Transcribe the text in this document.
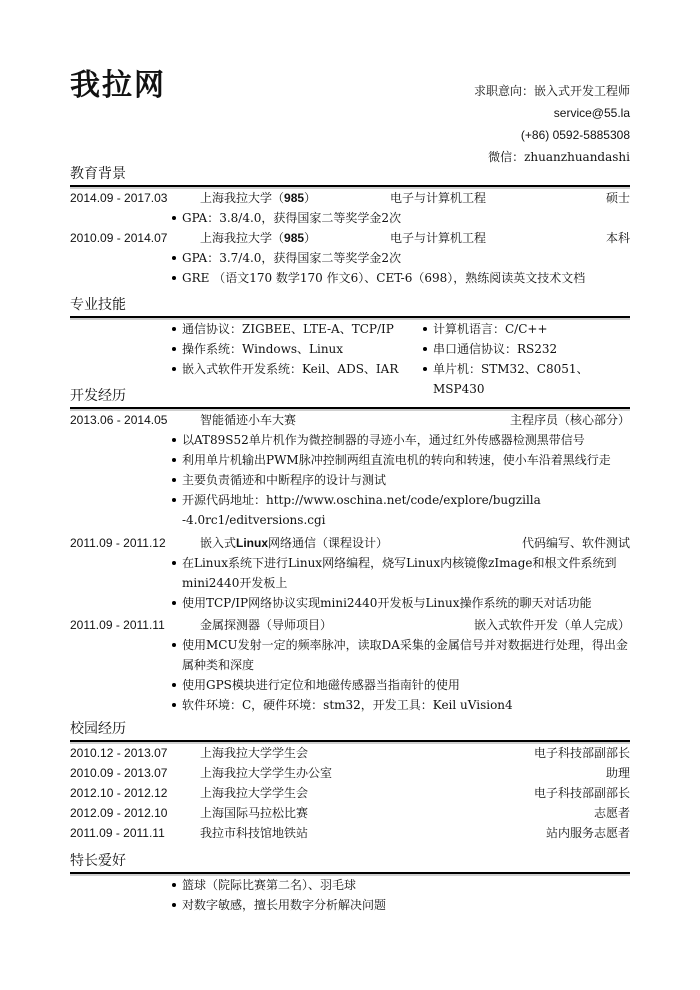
我拉网	求职意向：嵌入式开发工程师
service@55.la
(+86) 0592-5885308
微信：zhuanzhuandashi
教育背景
2014.09 - 2017.03	上海我拉大学（985）	电子与计算机工程	硕士
GPA：3.8/4.0，获得国家二等奖学金2次
2010.09 - 2014.07	上海我拉大学（985）	电子与计算机工程	本科
GPA：3.7/4.0，获得国家二等奖学金2次
GRE （语文170 数学170 作文6）、CET-6（698），熟练阅读英文技术文档
专业技能
通信协议：ZIGBEE、LTE-A、TCP/IP
操作系统：Windows、Linux
嵌入式软件开发系统：Keil、ADS、IAR
计算机语言：C/C++
串口通信协议：RS232
单片机：STM32、C8051、MSP430
开发经历
2013.06 - 2014.05	智能循迹小车大赛	主程序员（核心部分）
以AT89S52单片机作为微控制器的寻迹小车，通过红外传感器检测黑带信号
利用单片机输出PWM脉冲控制两组直流电机的转向和转速，使小车沿着黑线行走
主要负责循迹和中断程序的设计与测试
开源代码地址：http://www.oschina.net/code/explore/bugzilla-4.0rc1/editversions.cgi
2011.09 - 2011.12	嵌入式Linux网络通信（课程设计）	代码编写、软件测试
在Linux系统下进行Linux网络编程，烧写Linux内核镜像zImage和根文件系统到mini2440开发板上
使用TCP/IP网络协议实现mini2440开发板与Linux操作系统的聊天对话功能
2011.09 - 2011.11	金属探测器（导师项目）	嵌入式软件开发（单人完成）
使用MCU发射一定的频率脉冲，读取DA采集的金属信号并对数据进行处理，得出金属种类和深度
使用GPS模块进行定位和地磁传感器当指南针的使用
软件环境：C，硬件环境：stm32，开发工具：Keil uVision4
校园经历
2010.12 - 2013.07	上海我拉大学学生会	电子科技部副部长
2010.09 - 2013.07	上海我拉大学学生办公室	助理
2012.10 - 2012.12	上海我拉大学学生会	电子科技部副部长
2012.09 - 2012.10	上海国际马拉松比赛	志愿者
2011.09 - 2011.11	我拉市科技馆地铁站	站内服务志愿者
特长爱好
篮球（院际比赛第二名）、羽毛球
对数字敏感，擅长用数字分析解决问题
